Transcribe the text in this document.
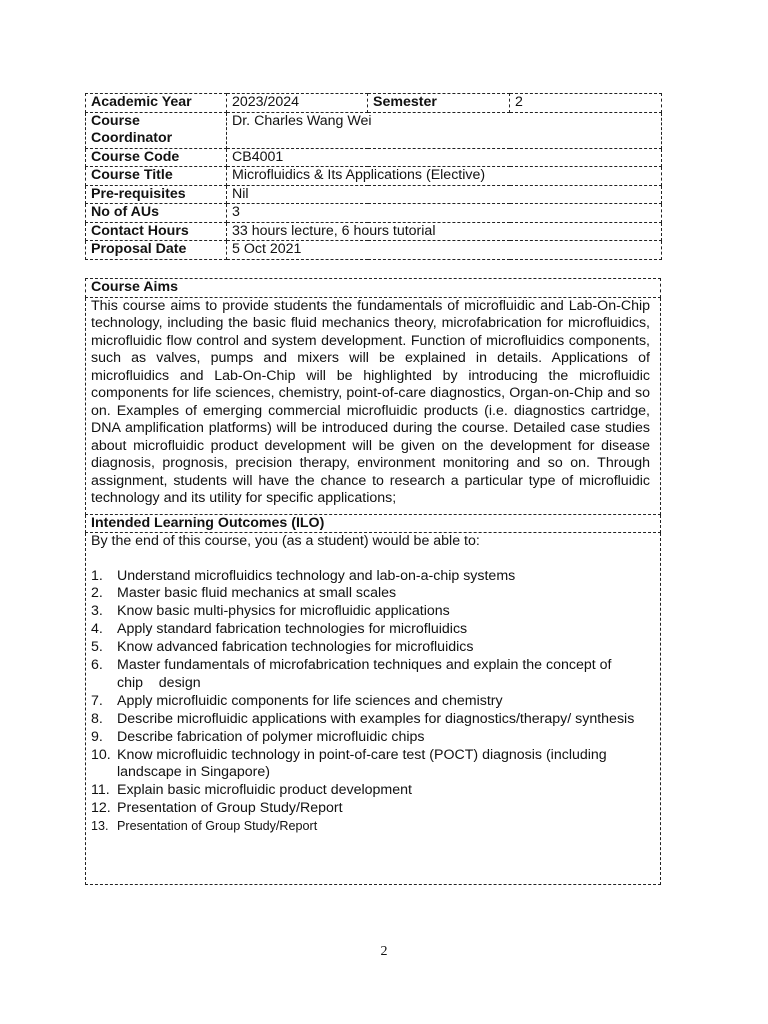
Academic Year	2023/2024	Semester	2
Course
Coordinator	Dr. Charles Wang Wei		
Course Code	CB4001		
Course Title	Microfluidics & Its Applications (Elective)		
Pre-requisites	Nil		
No of AUs	3		
Contact Hours	33 hours lecture, 6 hours tutorial		
Proposal Date	5 Oct 2021		
Course Aims
This course aims to provide students the fundamentals of microfluidic and Lab-On-Chip technology, including the basic fluid mechanics theory, microfabrication for microfluidics, microfluidic flow control and system development. Function of microfluidics components, such as valves, pumps and mixers will be explained in details. Applications of microfluidics and Lab-On-Chip will be highlighted by introducing the microfluidic components for life sciences, chemistry, point-of-care diagnostics, Organ-on-Chip and so on. Examples of emerging commercial microfluidic products (i.e. diagnostics cartridge, DNA amplification platforms) will be introduced during the course. Detailed case studies about microfluidic product development will be given on the development for disease diagnosis, prognosis, precision therapy, environment monitoring and so on. Through assignment, students will have the chance to research a particular type of microfluidic technology and its utility for specific applications;
Intended Learning Outcomes (ILO)

By the end of this course, you (as a student) would be able to:
1. Understand microfluidics technology and lab-on-a-chip systems
2. Master basic fluid mechanics at small scales
3. Know basic multi-physics for microfluidic applications
4. Apply standard fabrication technologies for microfluidics
5. Know advanced fabrication technologies for microfluidics
6. Master fundamentals of microfabrication techniques and explain the concept of chip    design
7. Apply microfluidic components for life sciences and chemistry
8. Describe microfluidic applications with examples for diagnostics/therapy/ synthesis
9. Describe fabrication of polymer microfluidic chips
10. Know microfluidic technology in point-of-care test (POCT) diagnosis (including landscape in Singapore)
11. Explain basic microfluidic product development
12. Presentation of Group Study/Report
13. Presentation of Group Study/Report
2
